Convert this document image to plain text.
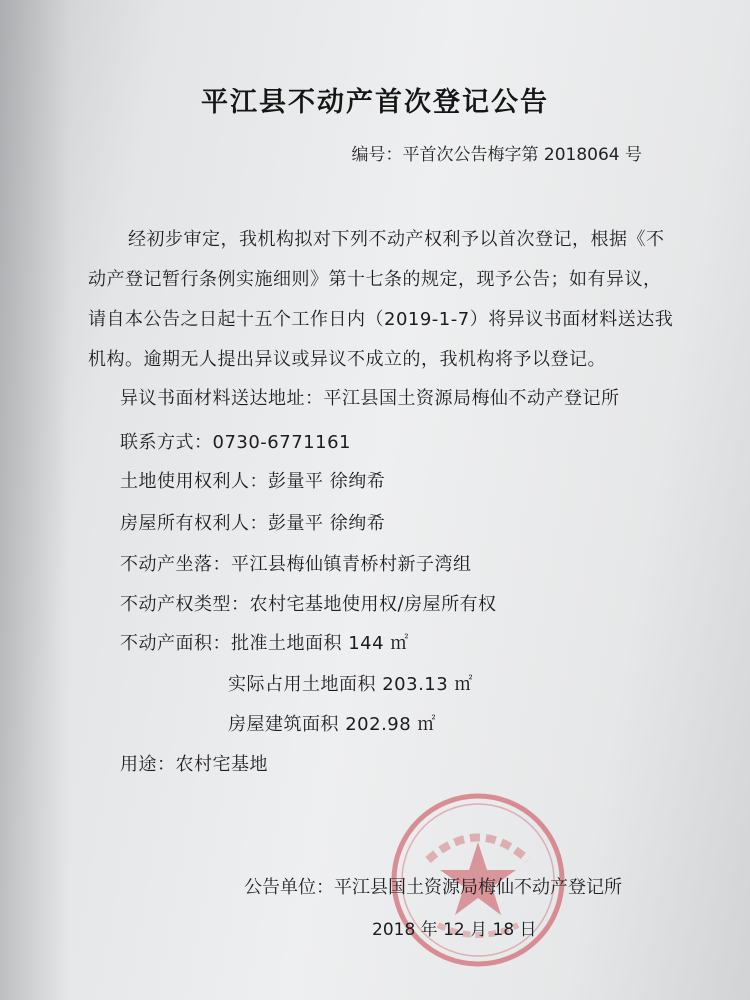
平江县不动产首次登记公告
编号：平首次公告梅字第 2018064 号
经初步审定，我机构拟对下列不动产权利予以首次登记，根据《不
动产登记暂行条例实施细则》第十七条的规定，现予公告；如有异议，
请自本公告之日起十五个工作日内（2019-1-7）将异议书面材料送达我
机构。逾期无人提出异议或异议不成立的，我机构将予以登记。
异议书面材料送达地址：平江县国土资源局梅仙不动产登记所
联系方式：0730-6771161
土地使用权利人：彭量平 徐绚希
房屋所有权利人：彭量平 徐绚希
不动产坐落：平江县梅仙镇青桥村新子湾组
不动产权类型：农村宅基地使用权/房屋所有权
不动产面积：批准土地面积 144 ㎡
实际占用土地面积 203.13 ㎡
房屋建筑面积 202.98 ㎡
用途：农村宅基地
公告单位：平江县国土资源局梅仙不动产登记所
2018 年 12 月 18 日
